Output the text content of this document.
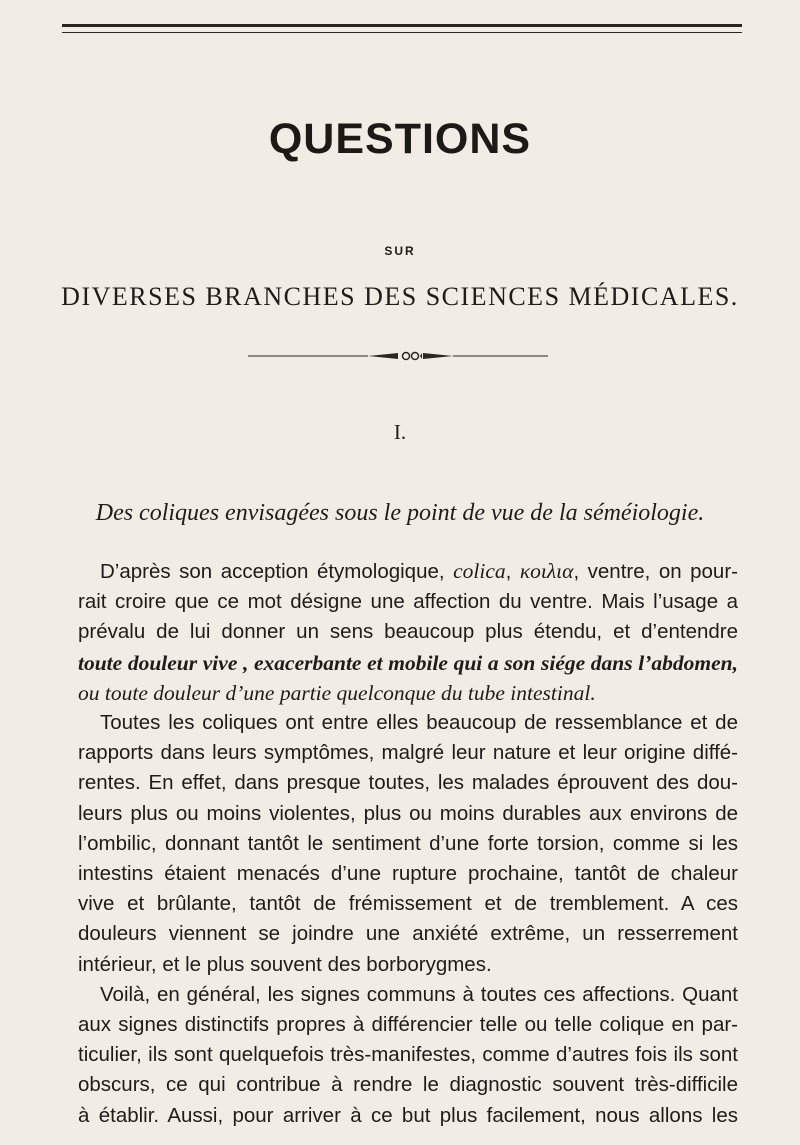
QUESTIONS
SUR
DIVERSES BRANCHES DES SCIENCES MÉDICALES.
I.
Des coliques envisagées sous le point de vue de la séméiologie.
D’après son acception étymologique, colica, κοιλια, ventre, on pour-
rait croire que ce mot désigne une affection du ventre. Mais l’usage a
prévalu de lui donner un sens beaucoup plus étendu, et d’entendre
toute douleur vive , exacerbante et mobile qui a son siége dans l’abdomen,
ou toute douleur d’une partie quelconque du tube intestinal.
Toutes les coliques ont entre elles beaucoup de ressemblance et de
rapports dans leurs symptômes, malgré leur nature et leur origine diffé-
rentes. En effet, dans presque toutes, les malades éprouvent des dou-
leurs plus ou moins violentes, plus ou moins durables aux environs de
l’ombilic, donnant tantôt le sentiment d’une forte torsion, comme si les
intestins étaient menacés d’une rupture prochaine, tantôt de chaleur
vive et brûlante, tantôt de frémissement et de tremblement. A ces
douleurs viennent se joindre une anxiété extrême, un resserrement
intérieur, et le plus souvent des borborygmes.
Voilà, en général, les signes communs à toutes ces affections. Quant
aux signes distinctifs propres à différencier telle ou telle colique en par-
ticulier, ils sont quelquefois très-manifestes, comme d’autres fois ils sont
obscurs, ce qui contribue à rendre le diagnostic souvent très-difficile
à établir. Aussi, pour arriver à ce but plus facilement, nous allons les
